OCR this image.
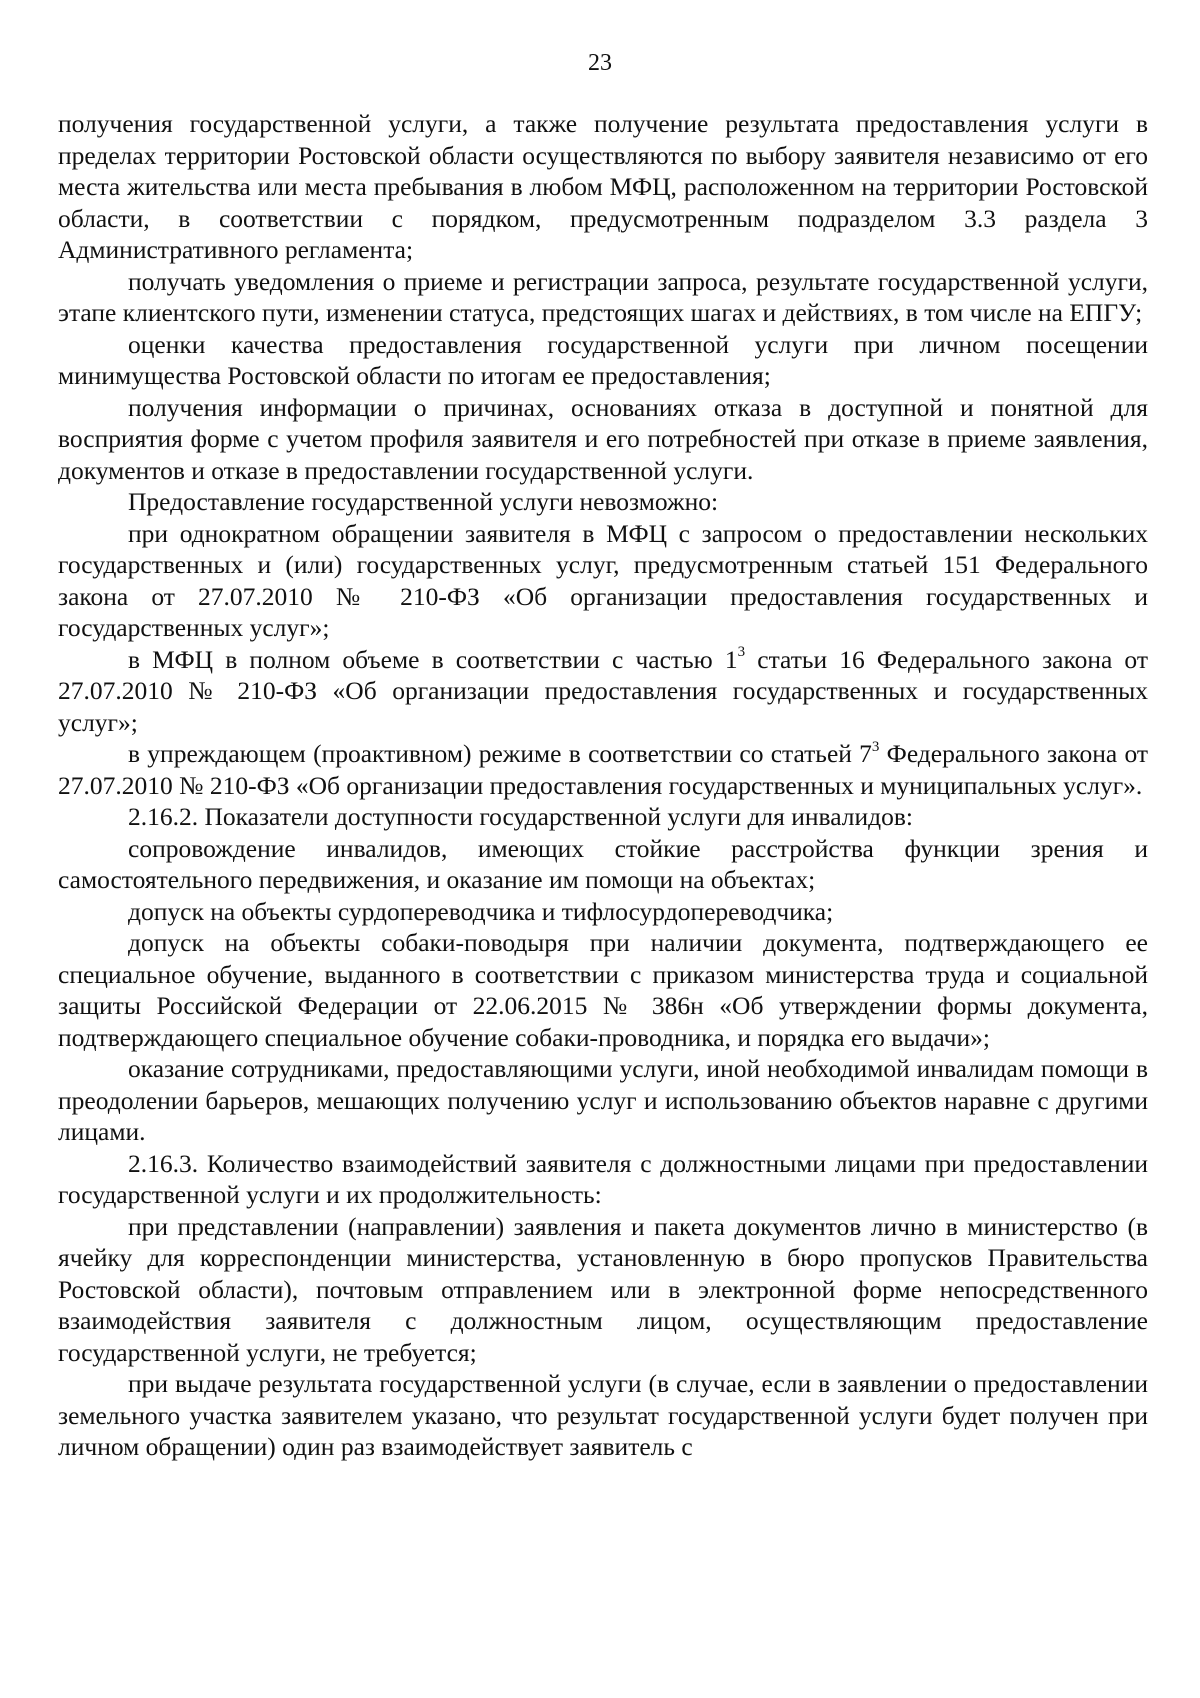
23

получения государственной услуги, а также получение результата предоставления услуги в пределах территории Ростовской области осуществляются по выбору заявителя независимо от его места жительства или места пребывания в любом МФЦ, расположенном на территории Ростовской области, в соответствии с порядком, предусмотренным подразделом 3.3 раздела 3 Административного регламента;

получать уведомления о приеме и регистрации запроса, результате государственной услуги, этапе клиентского пути, изменении статуса, предстоящих шагах и действиях, в том числе на ЕПГУ;

оценки качества предоставления государственной услуги при личном посещении минимущества Ростовской области по итогам ее предоставления;

получения информации о причинах, основаниях отказа в доступной и понятной для восприятия форме с учетом профиля заявителя и его потребностей при отказе в приеме заявления, документов и отказе в предоставлении государственной услуги.

Предоставление государственной услуги невозможно:

при однократном обращении заявителя в МФЦ с запросом о предоставлении нескольких государственных и (или) государственных услуг, предусмотренным статьей 151 Федерального закона от 27.07.2010 № 210-ФЗ «Об организации предоставления государственных и государственных услуг»;

в МФЦ в полном объеме в соответствии с частью $1^3$ статьи 16 Федерального закона от 27.07.2010 № 210-ФЗ «Об организации предоставления государственных и государственных услуг»;

в упреждающем (проактивном) режиме в соответствии со статьей $7^3$ Федерального закона от 27.07.2010 № 210-ФЗ «Об организации предоставления государственных и муниципальных услуг».

2.16.2. Показатели доступности государственной услуги для инвалидов:

сопровождение инвалидов, имеющих стойкие расстройства функции зрения и самостоятельного передвижения, и оказание им помощи на объектах;

допуск на объекты сурдопереводчика и тифлосурдопереводчика;

допуск на объекты собаки-поводыря при наличии документа, подтверждающего ее специальное обучение, выданного в соответствии с приказом министерства труда и социальной защиты Российской Федерации от 22.06.2015 № 386н «Об утверждении формы документа, подтверждающего специальное обучение собаки-проводника, и порядка его выдачи»;

оказание сотрудниками, предоставляющими услуги, иной необходимой инвалидам помощи в преодолении барьеров, мешающих получению услуг и использованию объектов наравне с другими лицами.

2.16.3. Количество взаимодействий заявителя с должностными лицами при предоставлении государственной услуги и их продолжительность:

при представлении (направлении) заявления и пакета документов лично в министерство (в ячейку для корреспонденции министерства, установленную в бюро пропусков Правительства Ростовской области), почтовым отправлением или в электронной форме непосредственного взаимодействия заявителя с должностным лицом, осуществляющим предоставление государственной услуги, не требуется;

при выдаче результата государственной услуги (в случае, если в заявлении о предоставлении земельного участка заявителем указано, что результат государственной услуги будет получен при личном обращении) один раз взаимодействует заявитель с
